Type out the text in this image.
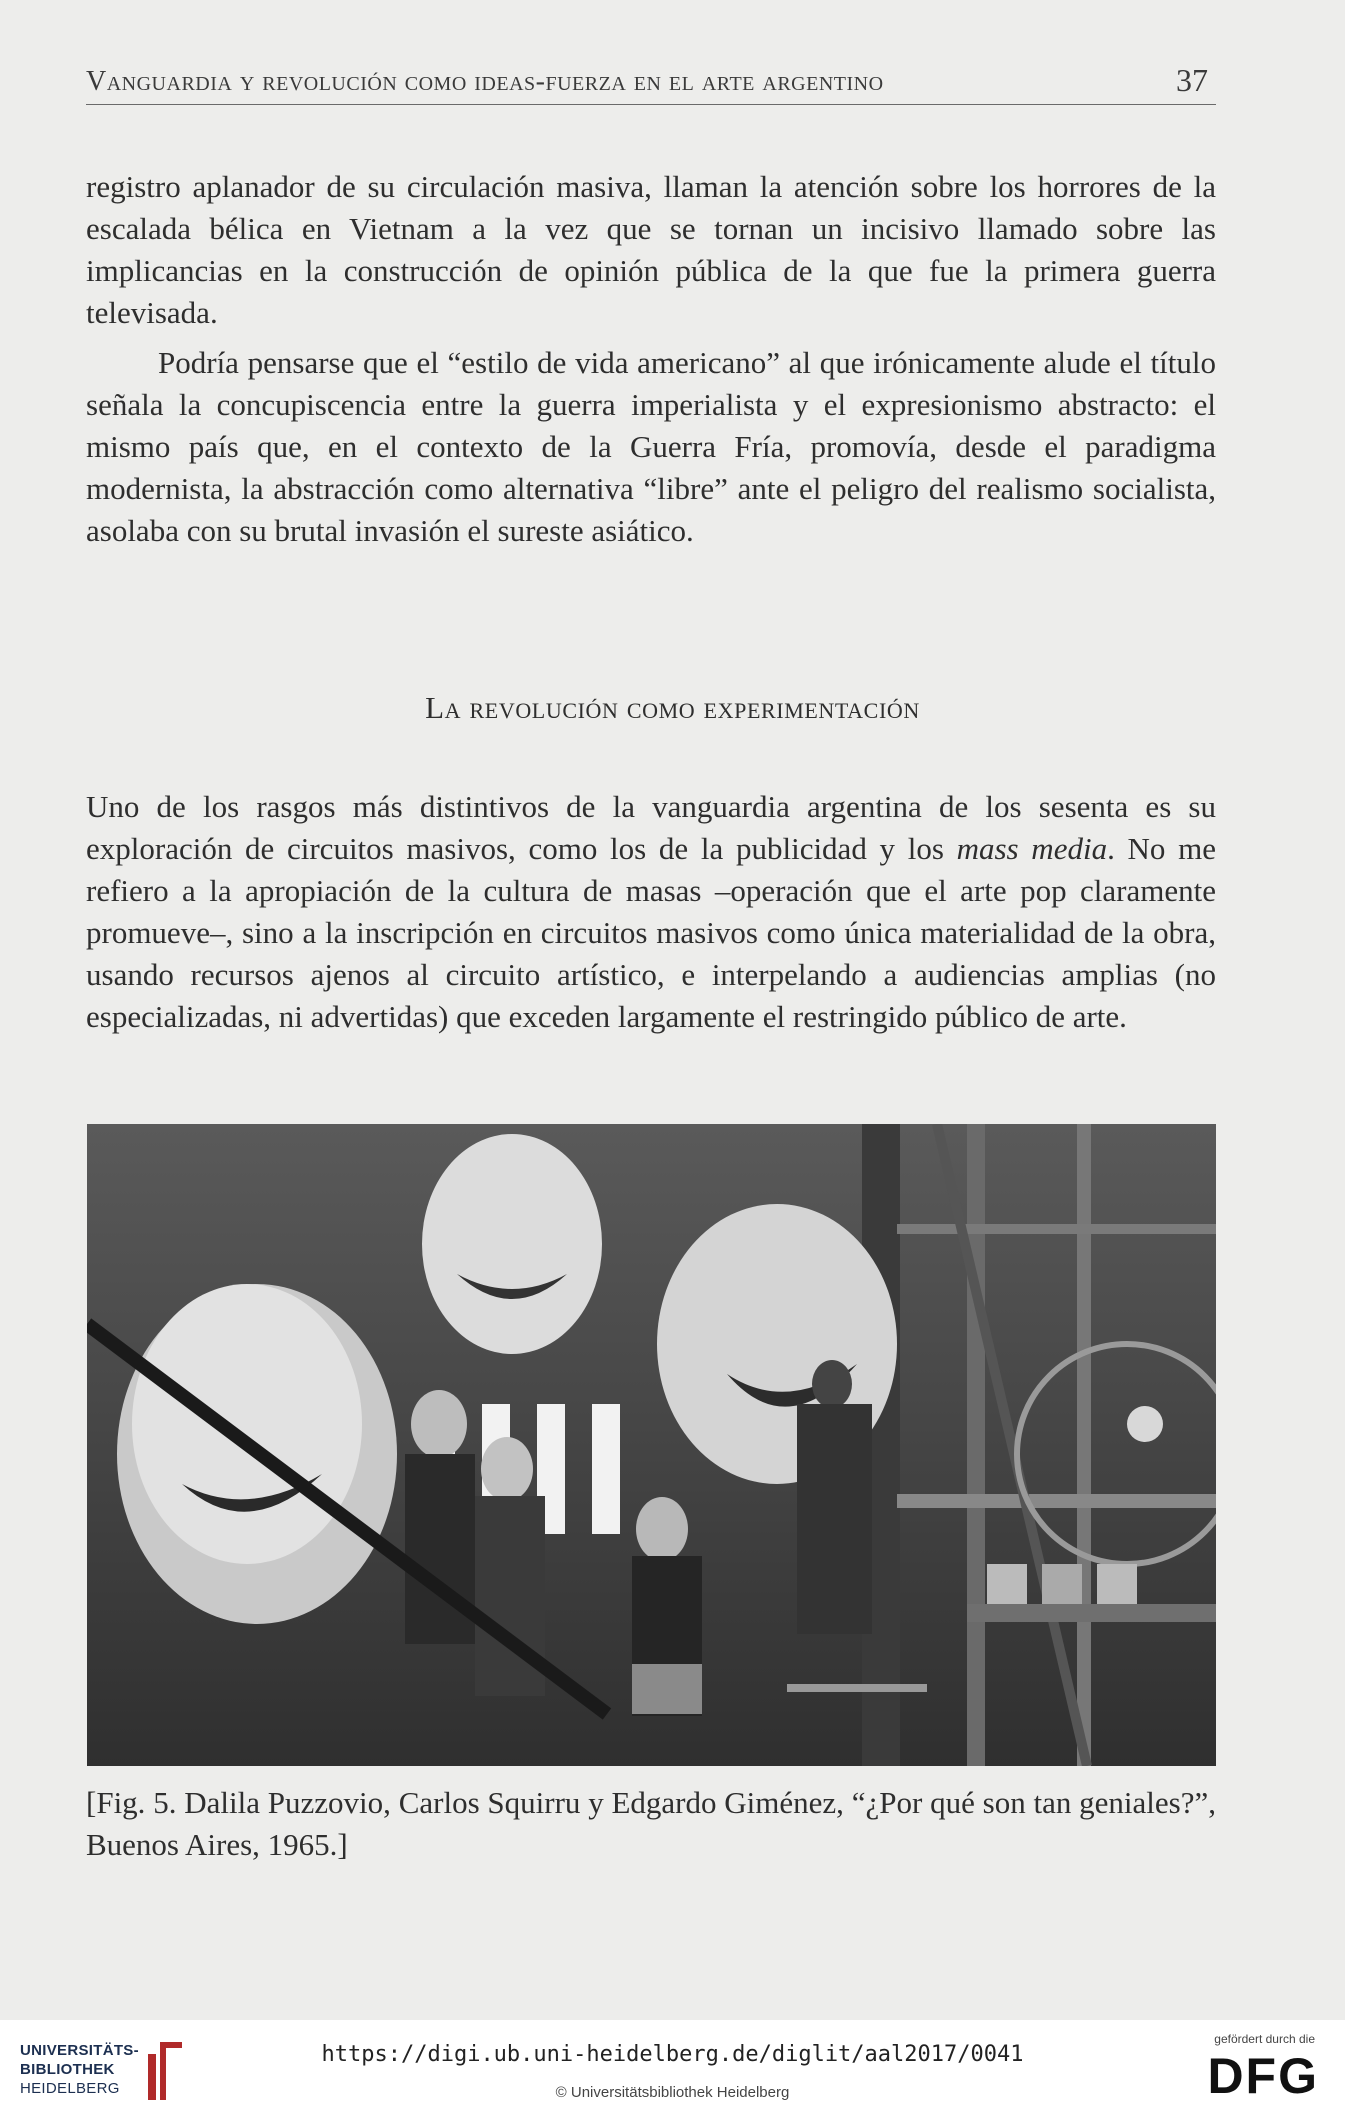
Vanguardia y revolución como ideas-fuerza en el arte argentino	37

registro aplanador de su circulación masiva, llaman la atención sobre los horrores de la escalada bélica en Vietnam a la vez que se tornan un incisivo llamado sobre las implicancias en la construcción de opinión pública de la que fue la primera guerra televisada.

Podría pensarse que el “estilo de vida americano” al que irónicamente alude el título señala la concupiscencia entre la guerra imperialista y el expresionismo abstracto: el mismo país que, en el contexto de la Guerra Fría, promovía, desde el paradigma modernista, la abstracción como alternativa “libre” ante el peligro del realismo socialista, asolaba con su brutal invasión el sureste asiático.

La revolución como experimentación

Uno de los rasgos más distintivos de la vanguardia argentina de los sesenta es su exploración de circuitos masivos, como los de la publicidad y los mass media. No me refiero a la apropiación de la cultura de masas –operación que el arte pop claramente promueve–, sino a la inscripción en circuitos masivos como única materialidad de la obra, usando recursos ajenos al circuito artístico, e interpelando a audiencias amplias (no especializadas, ni advertidas) que exceden largamente el restringido público de arte.

[Fig. 5. Dalila Puzzovio, Carlos Squirru y Edgardo Giménez, “¿Por qué son tan geniales?”, Buenos Aires, 1965.]
UNIVERSITÄTS-
BIBLIOTHEK
HEIDELBERG
https://digi.ub.uni-heidelberg.de/diglit/aal2017/0041
© Universitätsbibliothek Heidelberg
gefördert durch die
DFG
